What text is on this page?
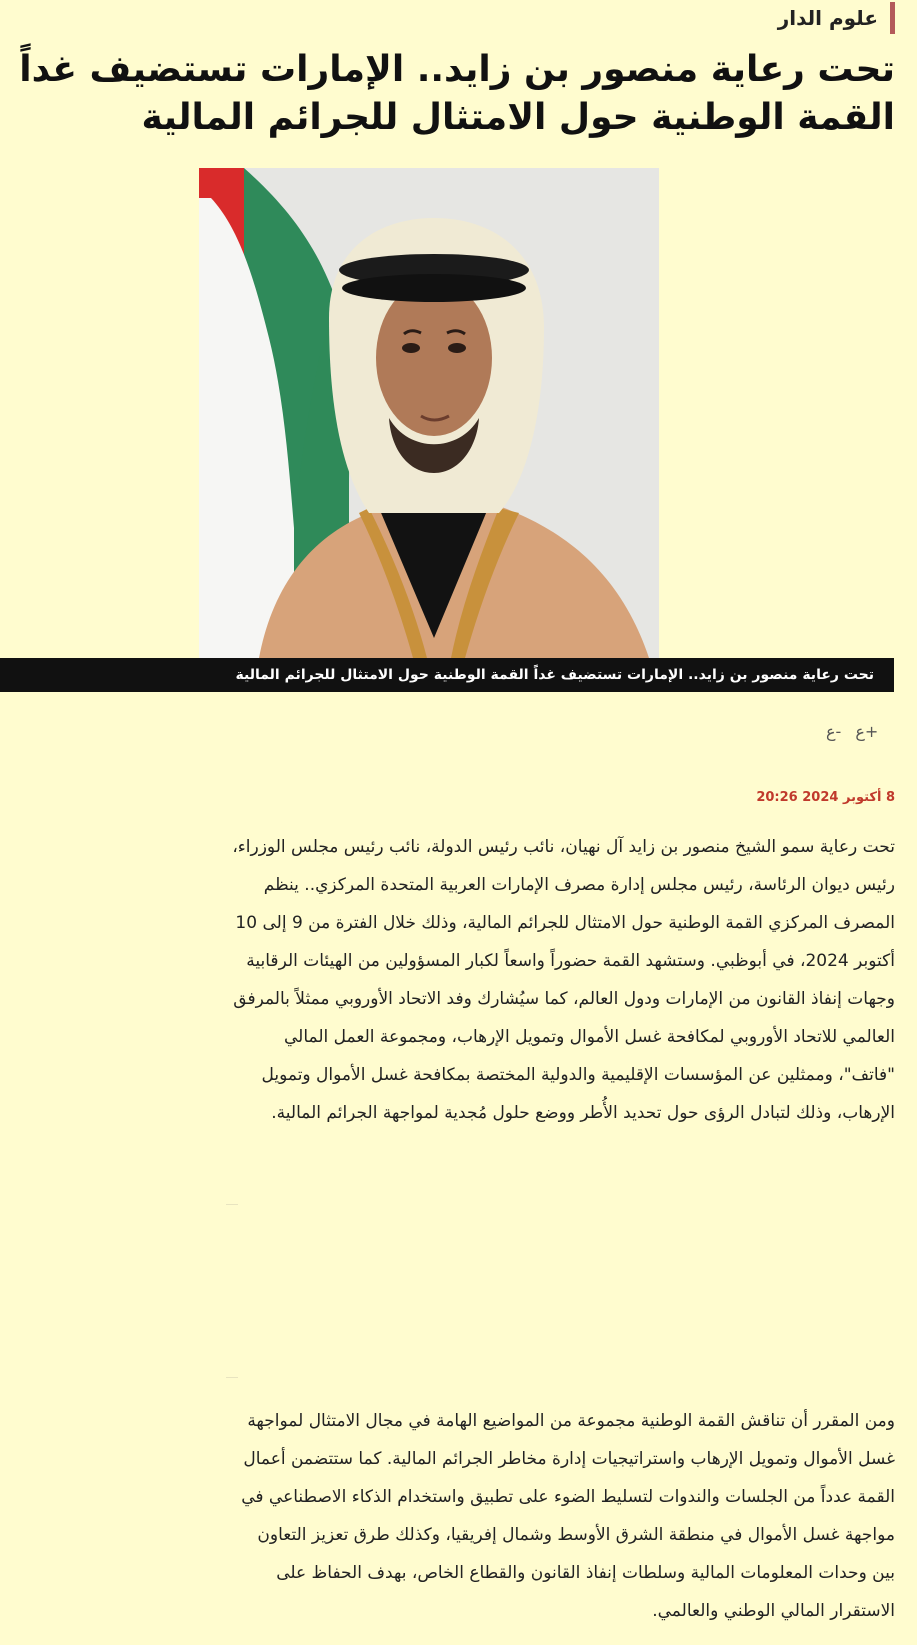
علوم الدار
تحت رعاية منصور بن زايد.. الإمارات تستضيف غداً القمة الوطنية حول الامتثال للجرائم المالية
تحت رعاية منصور بن زايد.. الإمارات تستضيف غداً القمة الوطنية حول الامتثال للجرائم المالية
ع- ع+
8 أكتوبر 2024 20:26

تحت رعاية سمو الشيخ منصور بن زايد آل نهيان، نائب رئيس الدولة، نائب رئيس مجلس الوزراء، رئيس ديوان الرئاسة، رئيس مجلس إدارة مصرف الإمارات العربية المتحدة المركزي.. ينظم المصرف المركزي القمة الوطنية حول الامتثال للجرائم المالية، وذلك خلال الفترة من 9 إلى 10 أكتوبر 2024، في أبوظبي. وستشهد القمة حضوراً واسعاً لكبار المسؤولين من الهيئات الرقابية وجهات إنفاذ القانون من الإمارات ودول العالم، كما سيُشارك وفد الاتحاد الأوروبي ممثلاً بالمرفق العالمي للاتحاد الأوروبي لمكافحة غسل الأموال وتمويل الإرهاب، ومجموعة العمل المالي "فاتف"، وممثلين عن المؤسسات الإقليمية والدولية المختصة بمكافحة غسل الأموال وتمويل الإرهاب، وذلك لتبادل الرؤى حول تحديد الأُطر ووضع حلول مُجدية لمواجهة الجرائم المالية.

ومن المقرر أن تناقش القمة الوطنية مجموعة من المواضيع الهامة في مجال الامتثال لمواجهة غسل الأموال وتمويل الإرهاب واستراتيجيات إدارة مخاطر الجرائم المالية. كما ستتضمن أعمال القمة عدداً من الجلسات والندوات لتسليط الضوء على تطبيق واستخدام الذكاء الاصطناعي في مواجهة غسل الأموال في منطقة الشرق الأوسط وشمال إفريقيا، وكذلك طرق تعزيز التعاون بين وحدات المعلومات المالية وسلطات إنفاذ القانون والقطاع الخاص، بهدف الحفاظ على الاستقرار المالي الوطني والعالمي.
